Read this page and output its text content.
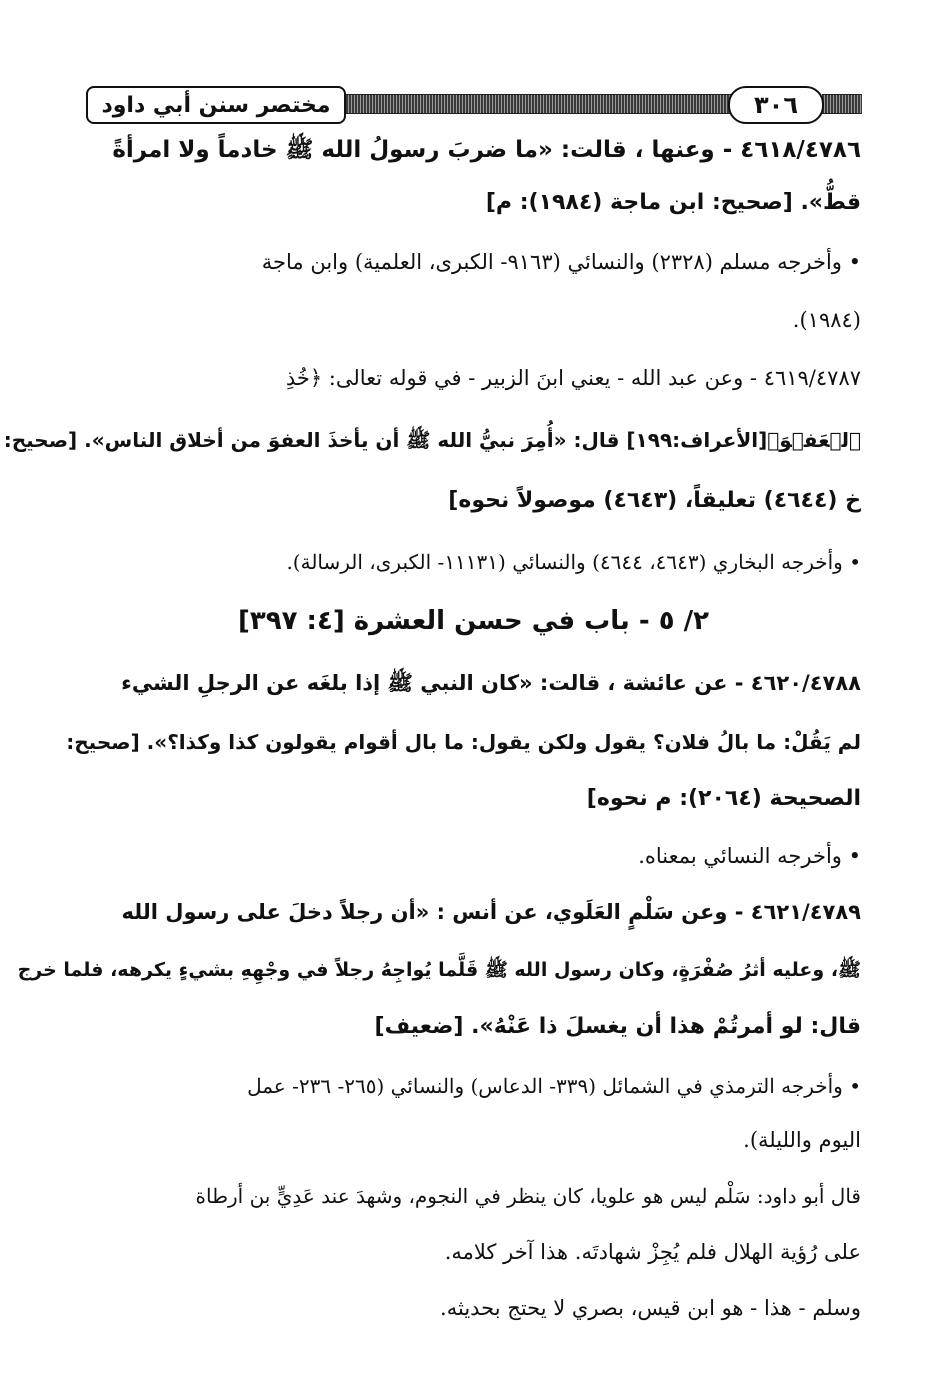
٣٠٦
مختصر سنن أبي داود
٤٦١٨/٤٧٨٦ - وعنها ، قالت: «ما ضربَ رسولُ الله ﷺ خادماً ولا امرأةً
قطُّ». [صحيح: ابن ماجة (١٩٨٤): م]
• وأخرجه مسلم (٢٣٢٨) والنسائي (٩١٦٣- الكبرى، العلمية) وابن ماجة
(١٩٨٤).
٤٦١٩/٤٧٨٧ - وعن عبد الله - يعني ابنَ الزبير - في قوله تعالى: ﴿خُذِ
ٱلۡعَفۡوَ﴾[الأعراف:١٩٩] قال: «أُمِرَ نبيُّ الله ﷺ أن يأخذَ العفوَ من أخلاق الناس». [صحيح:
خ (٤٦٤٤) تعليقاً، (٤٦٤٣) موصولاً نحوه]
• وأخرجه البخاري (٤٦٤٣، ٤٦٤٤) والنسائي (١١١٣١- الكبرى، الرسالة).
٢/ ٥ - باب في حسن العشرة [٤: ٣٩٧]
٤٦٢٠/٤٧٨٨ - عن عائشة ، قالت: «كان النبي ﷺ إذا بلغَه عن الرجلِ الشيء
لم يَقُلْ: ما بالُ فلان؟ يقول ولكن يقول: ما بال أقوام يقولون كذا وكذا؟». [صحيح:
الصحيحة (٢٠٦٤): م نحوه]
• وأخرجه النسائي بمعناه.
٤٦٢١/٤٧٨٩ - وعن سَلْمٍ العَلَوي، عن أنس : «أن رجلاً دخلَ على رسول الله
ﷺ، وعليه أثرُ صُفْرَةٍ، وكان رسول الله ﷺ قَلَّما يُواجِهُ رجلاً في وجْهِهِ بشيءٍ يكرهه، فلما خرج
قال: لو أمرتُمْ هذا أن يغسلَ ذا عَنْهُ». [ضعيف]
• وأخرجه الترمذي في الشمائل (٣٣٩- الدعاس) والنسائي (٢٦٥- ٢٣٦- عمل
اليوم والليلة).
قال أبو داود: سَلْم ليس هو علويا، كان ينظر في النجوم، وشهدَ عند عَدِيٍّ بن أرطاة
على رُؤية الهلال فلم يُجِزْ شهادتَه. هذا آخر كلامه.
وسلم - هذا - هو ابن قيس، بصري لا يحتج بحديثه.
